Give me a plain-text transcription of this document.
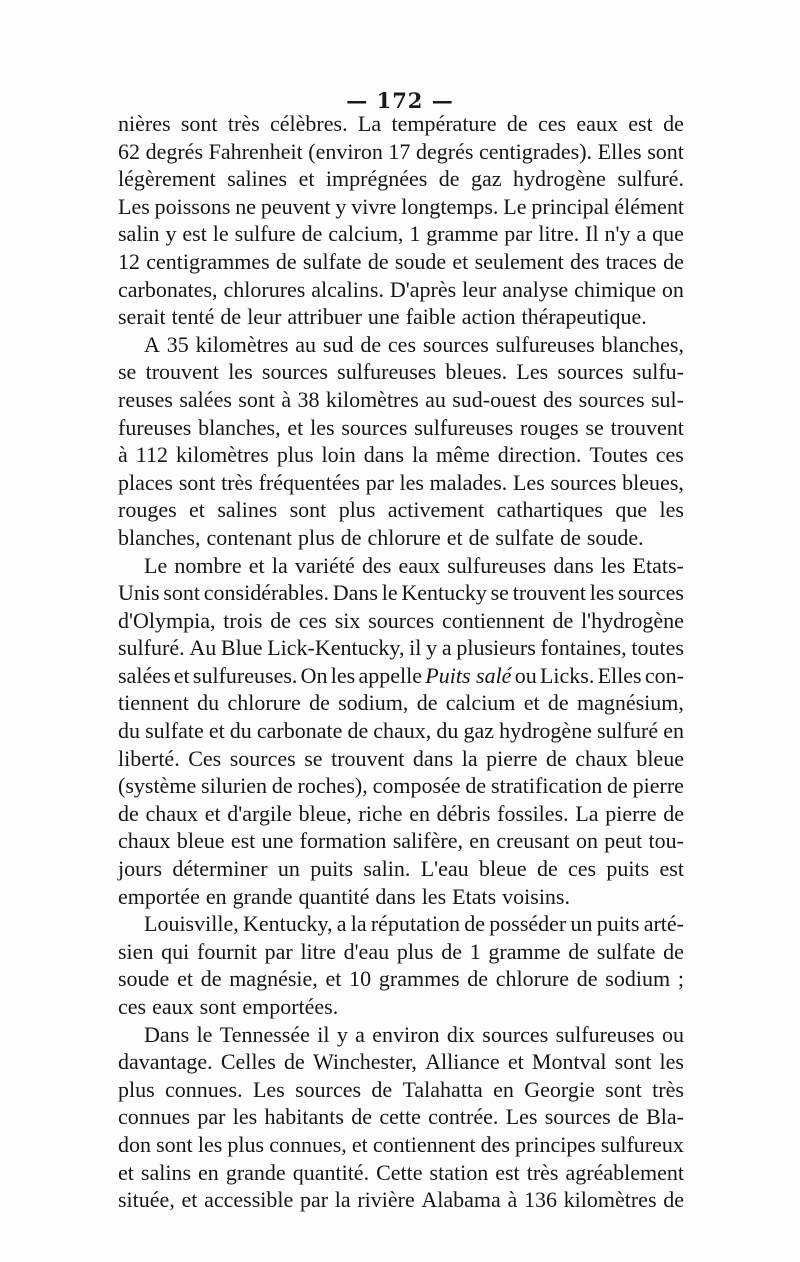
— 172 —
nières sont très célèbres. La température de ces eaux est de
62 degrés Fahrenheit (environ 17 degrés centigrades). Elles sont
légèrement salines et imprégnées de gaz hydrogène sulfuré.
Les poissons ne peuvent y vivre longtemps. Le principal élément
salin y est le sulfure de calcium, 1 gramme par litre. Il n'y a que
12 centigrammes de sulfate de soude et seulement des traces de
carbonates, chlorures alcalins. D'après leur analyse chimique on
serait tenté de leur attribuer une faible action thérapeutique.
A 35 kilomètres au sud de ces sources sulfureuses blanches,
se trouvent les sources sulfureuses bleues. Les sources sulfu-
reuses salées sont à 38 kilomètres au sud-ouest des sources sul-
fureuses blanches, et les sources sulfureuses rouges se trouvent
à 112 kilomètres plus loin dans la même direction. Toutes ces
places sont très fréquentées par les malades. Les sources bleues,
rouges et salines sont plus activement cathartiques que les
blanches, contenant plus de chlorure et de sulfate de soude.
Le nombre et la variété des eaux sulfureuses dans les Etats-
Unis sont considérables. Dans le Kentucky se trouvent les sources
d'Olympia, trois de ces six sources contiennent de l'hydrogène
sulfuré. Au Blue Lick-Kentucky, il y a plusieurs fontaines, toutes
salées et sulfureuses. On les appelle Puits salé ou Licks. Elles con-
tiennent du chlorure de sodium, de calcium et de magnésium,
du sulfate et du carbonate de chaux, du gaz hydrogène sulfuré en
liberté. Ces sources se trouvent dans la pierre de chaux bleue
(système silurien de roches), composée de stratification de pierre
de chaux et d'argile bleue, riche en débris fossiles. La pierre de
chaux bleue est une formation salifère, en creusant on peut tou-
jours déterminer un puits salin. L'eau bleue de ces puits est
emportée en grande quantité dans les Etats voisins.
Louisville, Kentucky, a la réputation de posséder un puits arté-
sien qui fournit par litre d'eau plus de 1 gramme de sulfate de
soude et de magnésie, et 10 grammes de chlorure de sodium ;
ces eaux sont emportées.
Dans le Tennessée il y a environ dix sources sulfureuses ou
davantage. Celles de Winchester, Alliance et Montval sont les
plus connues. Les sources de Talahatta en Georgie sont très
connues par les habitants de cette contrée. Les sources de Bla-
don sont les plus connues, et contiennent des principes sulfureux
et salins en grande quantité. Cette station est très agréablement
située, et accessible par la rivière Alabama à 136 kilomètres de
